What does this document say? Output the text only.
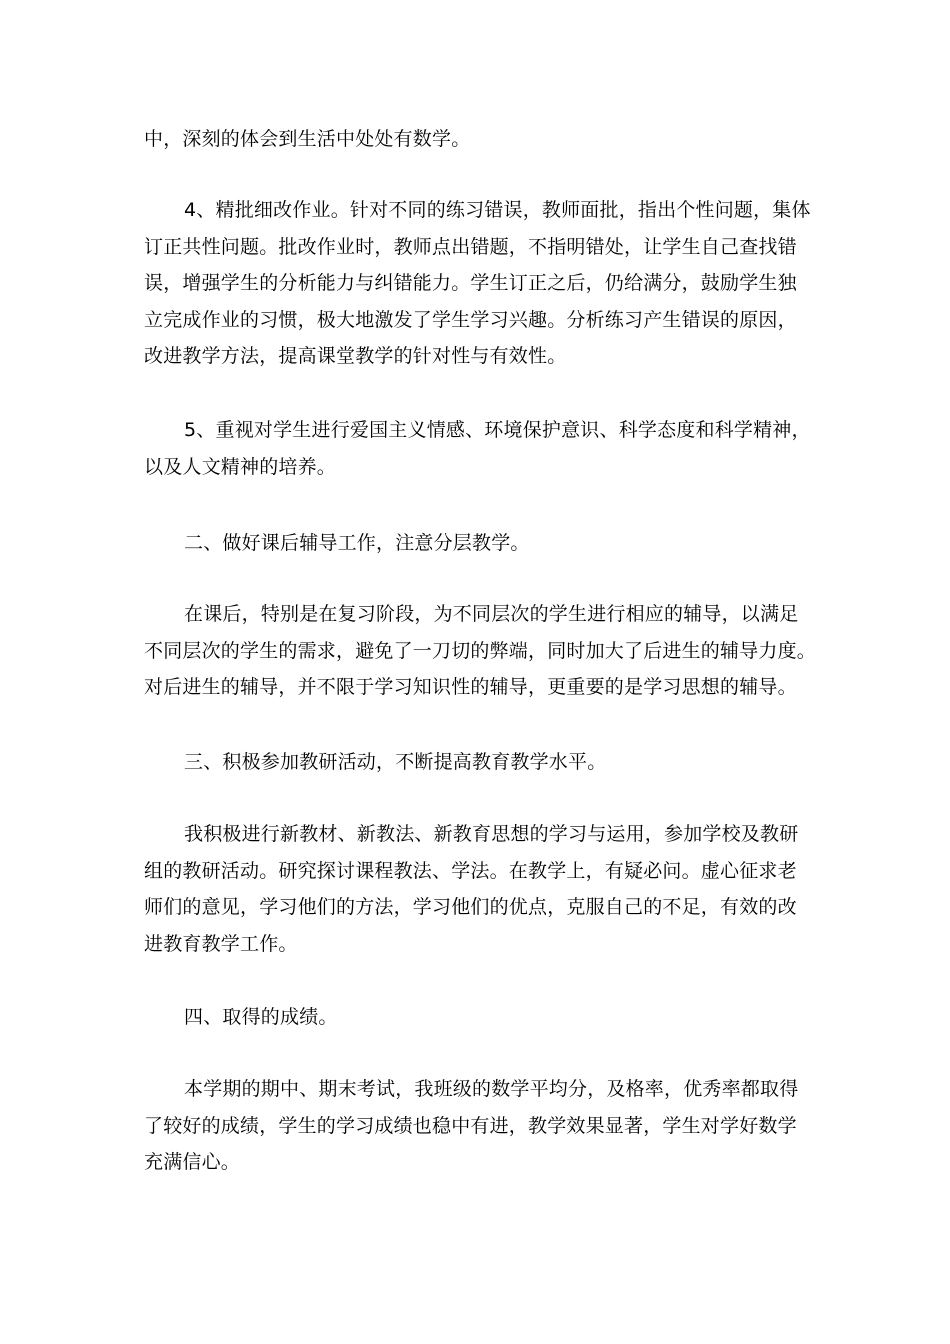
中，深刻的体会到生活中处处有数学。
4、精批细改作业。针对不同的练习错误，教师面批，指出个性问题，集体
订正共性问题。批改作业时，教师点出错题，不指明错处，让学生自己查找错
误，增强学生的分析能力与纠错能力。学生订正之后，仍给满分，鼓励学生独
立完成作业的习惯，极大地激发了学生学习兴趣。分析练习产生错误的原因，
改进教学方法，提高课堂教学的针对性与有效性。
5、重视对学生进行爱国主义情感、环境保护意识、科学态度和科学精神，
以及人文精神的培养。
二、做好课后辅导工作，注意分层教学。
在课后，特别是在复习阶段，为不同层次的学生进行相应的辅导，以满足
不同层次的学生的需求，避免了一刀切的弊端，同时加大了后进生的辅导力度。
对后进生的辅导，并不限于学习知识性的辅导，更重要的是学习思想的辅导。
三、积极参加教研活动，不断提高教育教学水平。
我积极进行新教材、新教法、新教育思想的学习与运用，参加学校及教研
组的教研活动。研究探讨课程教法、学法。在教学上，有疑必问。虚心征求老
师们的意见，学习他们的方法，学习他们的优点，克服自己的不足，有效的改
进教育教学工作。
四、取得的成绩。
本学期的期中、期末考试，我班级的数学平均分，及格率，优秀率都取得
了较好的成绩，学生的学习成绩也稳中有进，教学效果显著，学生对学好数学
充满信心。
